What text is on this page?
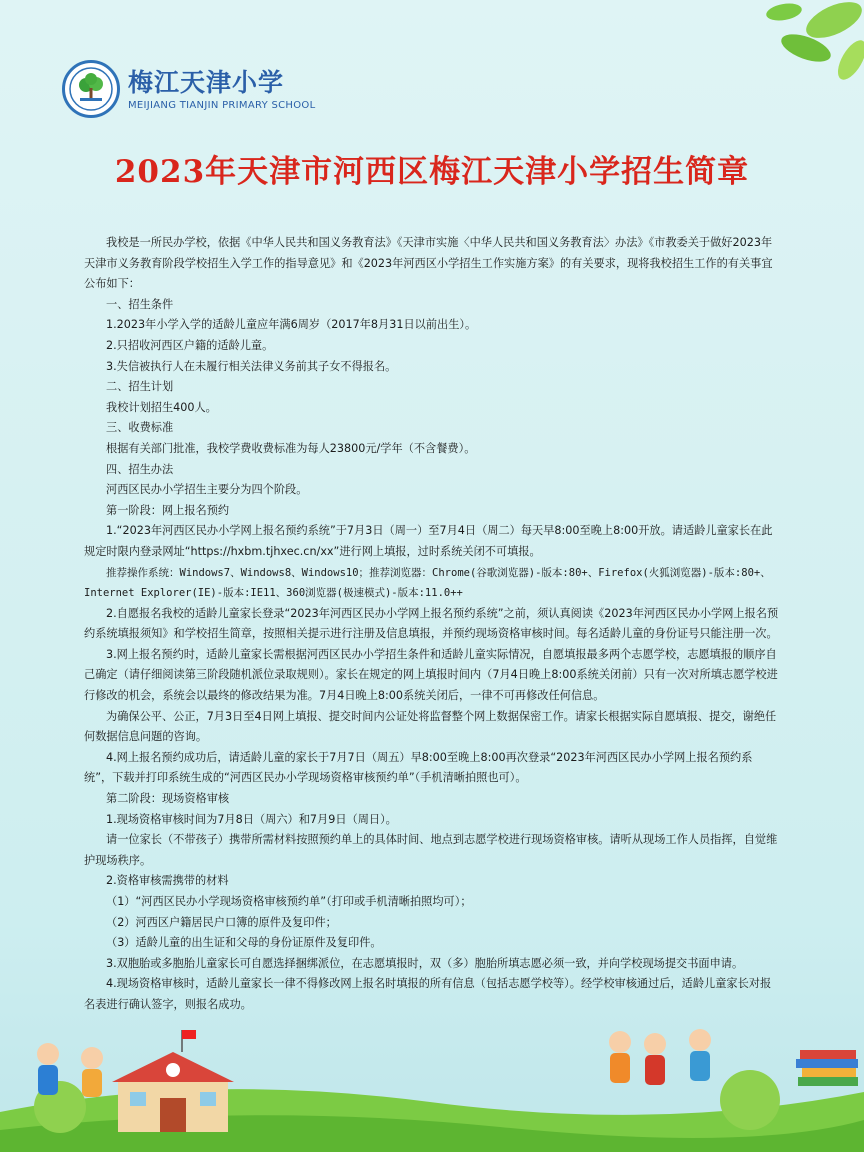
梅江天津小学
MEIJIANG TIANJIN PRIMARY SCHOOL
2023年天津市河西区梅江天津小学招生简章

我校是一所民办学校，依据《中华人民共和国义务教育法》《天津市实施〈中华人民共和国义务教育法〉办法》《市教委关于做好2023年天津市义务教育阶段学校招生入学工作的指导意见》和《2023年河西区小学招生工作实施方案》的有关要求，现将我校招生工作的有关事宜公布如下：

一、招生条件

1.2023年小学入学的适龄儿童应年满6周岁（2017年8月31日以前出生）。

2.只招收河西区户籍的适龄儿童。

3.失信被执行人在未履行相关法律义务前其子女不得报名。

二、招生计划

我校计划招生400人。

三、收费标准

根据有关部门批准，我校学费收费标准为每人23800元/学年（不含餐费）。

四、招生办法

河西区民办小学招生主要分为四个阶段。

第一阶段：网上报名预约

1.“2023年河西区民办小学网上报名预约系统”于7月3日（周一）至7月4日（周二）每天早8:00至晚上8:00开放。请适龄儿童家长在此规定时限内登录网址“https://hxbm.tjhxec.cn/xx”进行网上填报，过时系统关闭不可填报。

推荐操作系统：Windows7、Windows8、Windows10；推荐浏览器：Chrome(谷歌浏览器)-版本:80+、Firefox(火狐浏览器)-版本:80+、Internet Explorer(IE)-版本:IE11、360浏览器(极速模式)-版本:11.0++

2.自愿报名我校的适龄儿童家长登录“2023年河西区民办小学网上报名预约系统”之前，须认真阅读《2023年河西区民办小学网上报名预约系统填报须知》和学校招生简章，按照相关提示进行注册及信息填报，并预约现场资格审核时间。每名适龄儿童的身份证号只能注册一次。

3.网上报名预约时，适龄儿童家长需根据河西区民办小学招生条件和适龄儿童实际情况，自愿填报最多两个志愿学校，志愿填报的顺序自己确定（请仔细阅读第三阶段随机派位录取规则）。家长在规定的网上填报时间内（7月4日晚上8:00系统关闭前）只有一次对所填志愿学校进行修改的机会，系统会以最终的修改结果为准。7月4日晚上8:00系统关闭后，一律不可再修改任何信息。

为确保公平、公正，7月3日至4日网上填报、提交时间内公证处将监督整个网上数据保密工作。请家长根据实际自愿填报、提交，谢绝任何数据信息问题的咨询。

4.网上报名预约成功后，请适龄儿童的家长于7月7日（周五）早8:00至晚上8:00再次登录“2023年河西区民办小学网上报名预约系统”，下载并打印系统生成的“河西区民办小学现场资格审核预约单”（手机清晰拍照也可）。

第二阶段：现场资格审核

1.现场资格审核时间为7月8日（周六）和7月9日（周日）。

请一位家长（不带孩子）携带所需材料按照预约单上的具体时间、地点到志愿学校进行现场资格审核。请听从现场工作人员指挥，自觉维护现场秩序。

2.资格审核需携带的材料

（1）“河西区民办小学现场资格审核预约单”（打印或手机清晰拍照均可）；

（2）河西区户籍居民户口簿的原件及复印件；

（3）适龄儿童的出生证和父母的身份证原件及复印件。

3.双胞胎或多胞胎儿童家长可自愿选择捆绑派位，在志愿填报时，双（多）胞胎所填志愿必须一致，并向学校现场提交书面申请。

4.现场资格审核时，适龄儿童家长一律不得修改网上报名时填报的所有信息（包括志愿学校等）。经学校审核通过后，适龄儿童家长对报名表进行确认签字，则报名成功。
